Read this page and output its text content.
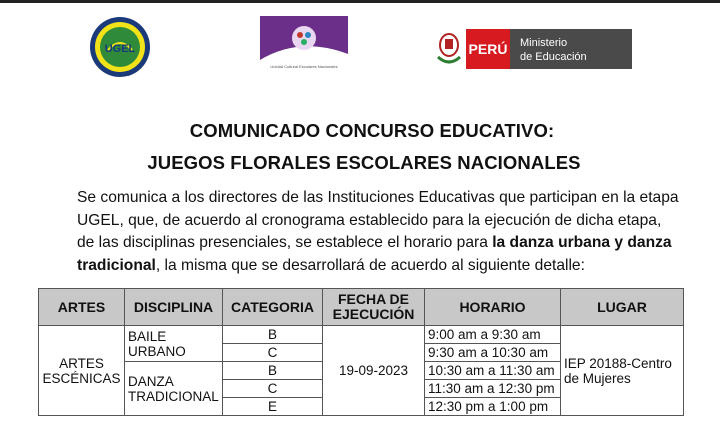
UGEL
Unidad Cultural Escolares Nacionales
PERÚ Ministerio
de Educación
COMUNICADO CONCURSO EDUCATIVO:
JUEGOS FLORALES ESCOLARES NACIONALES
Se comunica a los directores de las Instituciones Educativas que participan en la etapa
UGEL, que, de acuerdo al cronograma establecido para la ejecución de dicha etapa,
de las disciplinas presenciales, se establece el horario para la danza urbana y danza
tradicional, la misma que se desarrollará de acuerdo al siguiente detalle:
ARTES	DISCIPLINA	CATEGORIA	FECHA DE EJECUCIÓN	HORARIO	LUGAR
ARTES ESCÉNICAS	BAILE URBANO	B	19-09-2023	9:00 am a 9:30 am	IEP 20188-Centro de Mujeres
		C		9:30 am a 10:30 am	
	DANZA TRADICIONAL	B		10:30 am a 11:30 am	
		C		11:30 am a 12:30 pm	
		E		12:30 pm a 1:00 pm	
